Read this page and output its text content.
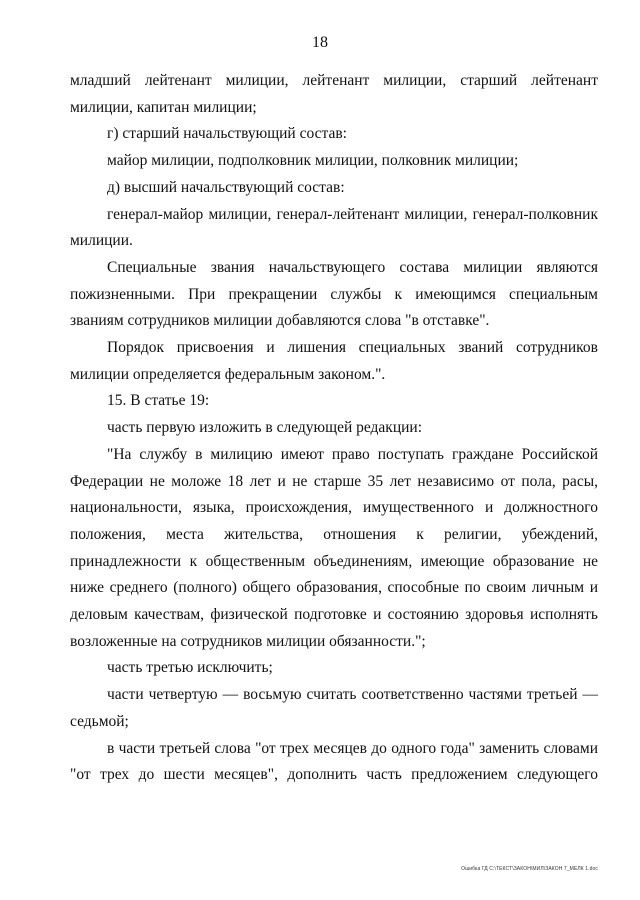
18

младший лейтенант милиции, лейтенант милиции, старший лейтенант милиции, капитан милиции;

г) старший начальствующий состав:

майор милиции, подполковник милиции, полковник милиции;

д) высший начальствующий состав:

генерал-майор милиции, генерал-лейтенант милиции, генерал-полковник милиции.

Специальные звания начальствующего состава милиции являются пожизненными. При прекращении службы к имеющимся специальным званиям сотрудников милиции добавляются слова "в отставке".

Порядок присвоения и лишения специальных званий сотрудников милиции определяется федеральным законом.".

15. В статье 19:

часть первую изложить в следующей редакции:

"На службу в милицию имеют право поступать граждане Российской Федерации не моложе 18 лет и не старше 35 лет независимо от пола, расы, национальности, языка, происхождения, имущественного и должностного положения, места жительства, отношения к религии, убеждений, принадлежности к общественным объединениям, имеющие образование не ниже среднего (полного) общего образования, способные по своим личным и деловым качествам, физической подготовке и состоянию здоровья исполнять возложенные на сотрудников милиции обязанности.";

часть третью исключить;

части четвертую — восьмую считать соответственно частями третьей — седьмой;

в части третьей слова "от трех месяцев до одного года" заменить словами "от трех до шести месяцев", дополнить часть предложением следующего

Ошибка ГД C:\ТЕКСТ\ЗАКОН\МИЛ\ЗАКОН 7_МЕЛК 1.doc
